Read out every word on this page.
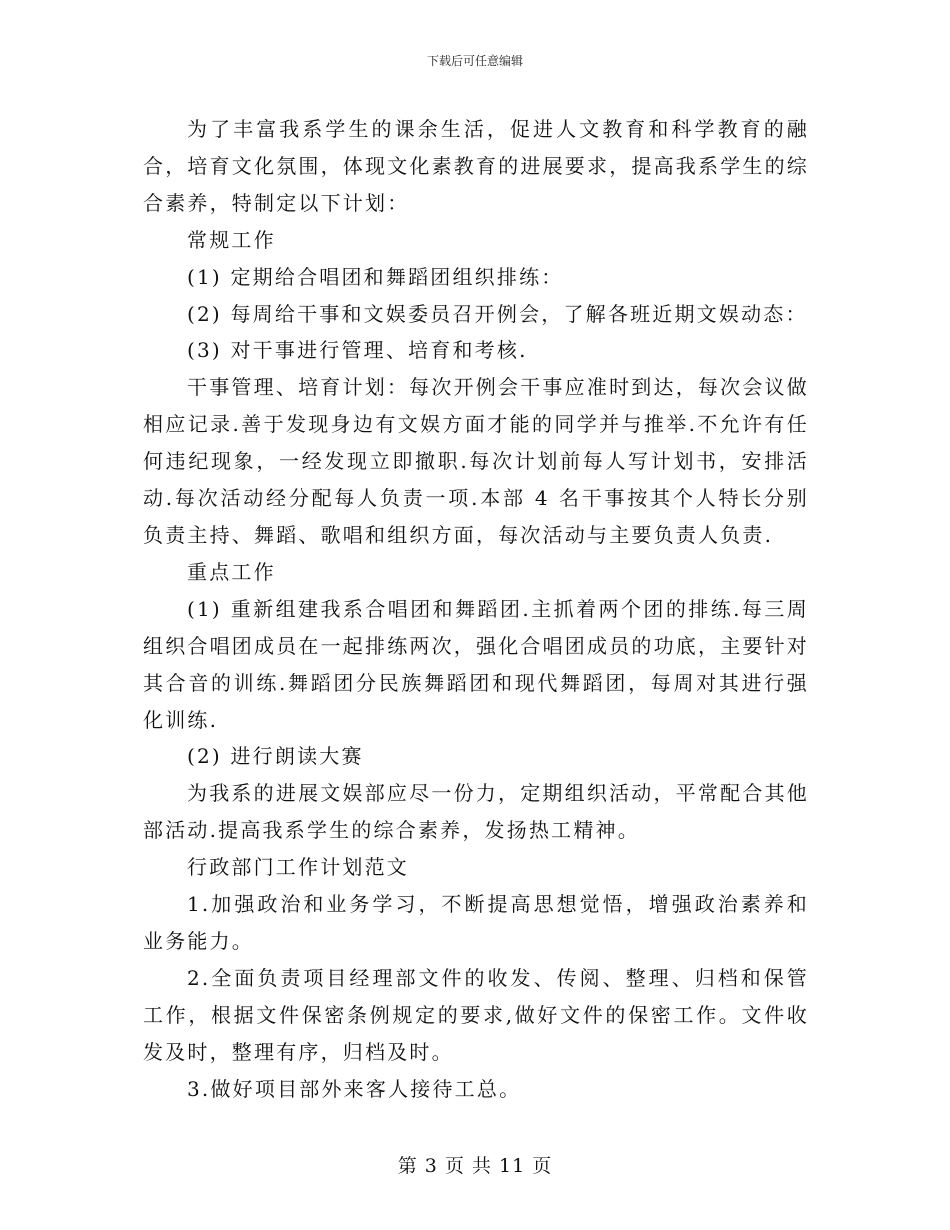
下载后可任意编辑

为了丰富我系学生的课余生活，促进人文教育和科学教育的融合，培育文化氛围，体现文化素教育的进展要求，提高我系学生的综合素养，特制定以下计划：

常规工作

(1) 定期给合唱团和舞蹈团组织排练：

(2) 每周给干事和文娱委员召开例会，了解各班近期文娱动态：

(3) 对干事进行管理、培育和考核.

干事管理、培育计划：每次开例会干事应准时到达，每次会议做相应记录.善于发现身边有文娱方面才能的同学并与推举.不允许有任何违纪现象，一经发现立即撤职.每次计划前每人写计划书，安排活动.每次活动经分配每人负责一项.本部 4 名干事按其个人特长分别负责主持、舞蹈、歌唱和组织方面，每次活动与主要负责人负责.

重点工作

(1) 重新组建我系合唱团和舞蹈团.主抓着两个团的排练.每三周组织合唱团成员在一起排练两次，强化合唱团成员的功底，主要针对其合音的训练.舞蹈团分民族舞蹈团和现代舞蹈团，每周对其进行强化训练.

(2) 进行朗读大赛

为我系的进展文娱部应尽一份力，定期组织活动，平常配合其他部活动.提高我系学生的综合素养，发扬热工精神。

行政部门工作计划范文

1.加强政治和业务学习，不断提高思想觉悟，增强政治素养和业务能力。

2.全面负责项目经理部文件的收发、传阅、整理、归档和保管工作，根据文件保密条例规定的要求,做好文件的保密工作。文件收发及时，整理有序，归档及时。

3.做好项目部外来客人接待工总。

第 3 页 共 11 页
